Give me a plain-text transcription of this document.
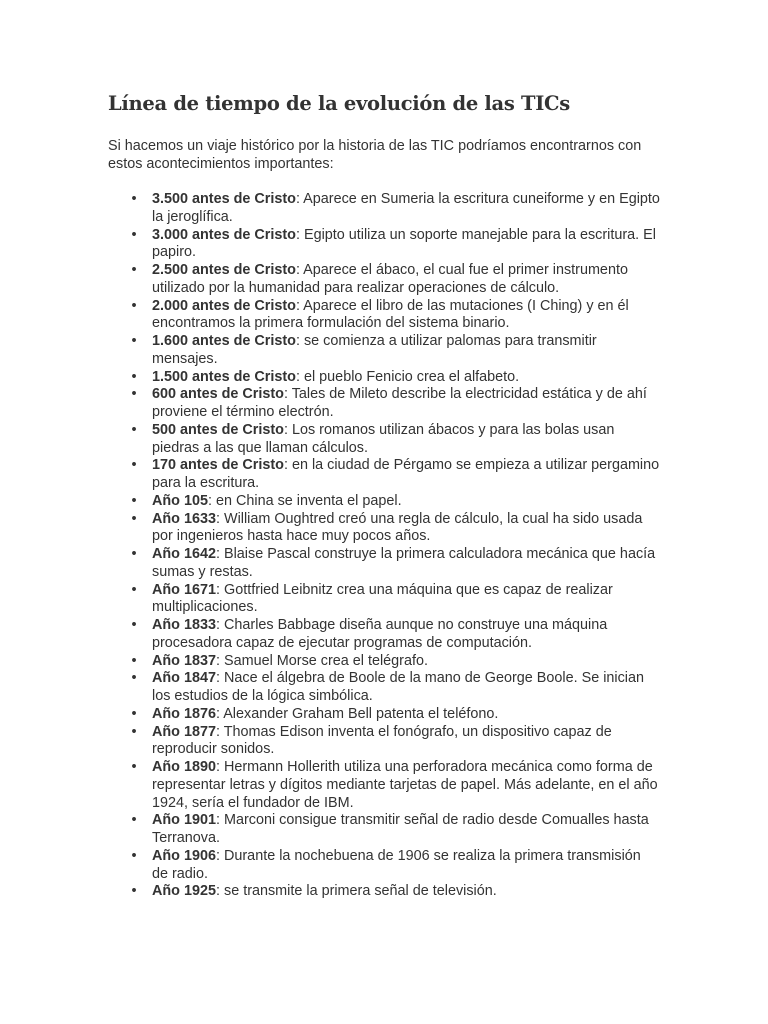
Línea de tiempo de la evolución de las TICs

Si hacemos un viaje histórico por la historia de las TIC podríamos encontrarnos con estos acontecimientos importantes:

• 3.500 antes de Cristo: Aparece en Sumeria la escritura cuneiforme y en Egipto la jeroglífica.
• 3.000 antes de Cristo: Egipto utiliza un soporte manejable para la escritura. El papiro.
• 2.500 antes de Cristo: Aparece el ábaco, el cual fue el primer instrumento utilizado por la humanidad para realizar operaciones de cálculo.
• 2.000 antes de Cristo: Aparece el libro de las mutaciones (I Ching) y en él encontramos la primera formulación del sistema binario.
• 1.600 antes de Cristo: se comienza a utilizar palomas para transmitir mensajes.
• 1.500 antes de Cristo: el pueblo Fenicio crea el alfabeto.
• 600 antes de Cristo: Tales de Mileto describe la electricidad estática y de ahí proviene el término electrón.
• 500 antes de Cristo: Los romanos utilizan ábacos y para las bolas usan piedras a las que llaman cálculos.
• 170 antes de Cristo: en la ciudad de Pérgamo se empieza a utilizar pergamino para la escritura.
• Año 105: en China se inventa el papel.
• Año 1633: William Oughtred creó una regla de cálculo, la cual ha sido usada por ingenieros hasta hace muy pocos años.
• Año 1642: Blaise Pascal construye la primera calculadora mecánica que hacía sumas y restas.
• Año 1671: Gottfried Leibnitz crea una máquina que es capaz de realizar multiplicaciones.
• Año 1833: Charles Babbage diseña aunque no construye una máquina procesadora capaz de ejecutar programas de computación.
• Año 1837: Samuel Morse crea el telégrafo.
• Año 1847: Nace el álgebra de Boole de la mano de George Boole. Se inician los estudios de la lógica simbólica.
• Año 1876: Alexander Graham Bell patenta el teléfono.
• Año 1877: Thomas Edison inventa el fonógrafo, un dispositivo capaz de reproducir sonidos.
• Año 1890: Hermann Hollerith utiliza una perforadora mecánica como forma de representar letras y dígitos mediante tarjetas de papel. Más adelante, en el año 1924, sería el fundador de IBM.
• Año 1901: Marconi consigue transmitir señal de radio desde Comualles hasta Terranova.
• Año 1906: Durante la nochebuena de 1906 se realiza la primera transmisión de radio.
• Año 1925: se transmite la primera señal de televisión.
